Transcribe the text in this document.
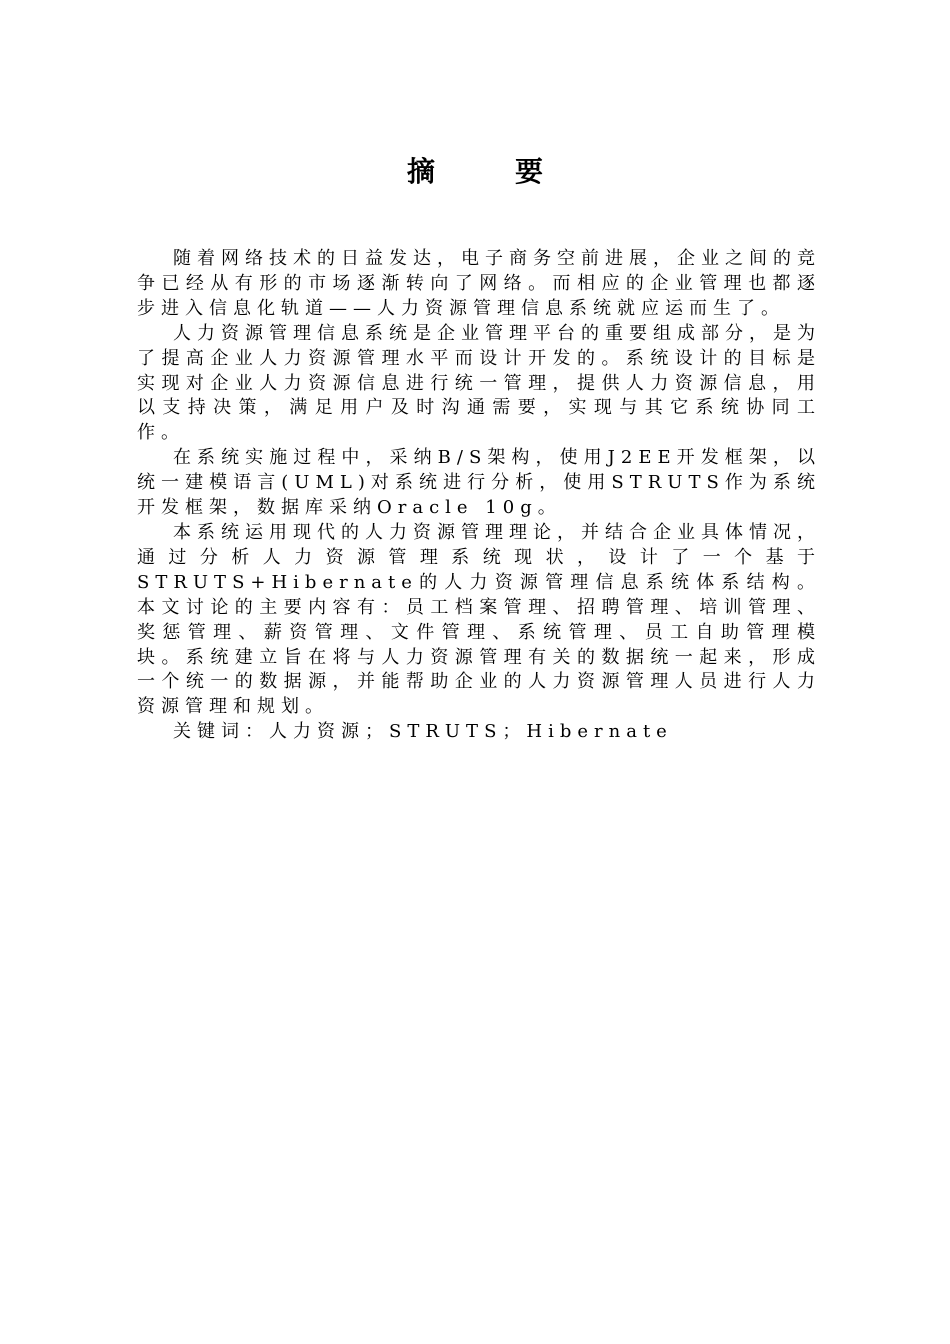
摘　要

随着网络技术的日益发达，电子商务空前进展，企业之间的竞争已经从有形的市场逐渐转向了网络。而相应的企业管理也都逐步进入信息化轨道——人力资源管理信息系统就应运而生了。

人力资源管理信息系统是企业管理平台的重要组成部分，是为了提高企业人力资源管理水平而设计开发的。系统设计的目标是实现对企业人力资源信息进行统一管理，提供人力资源信息，用以支持决策，满足用户及时沟通需要，实现与其它系统协同工作。

在系统实施过程中，采纳B/S架构，使用J2EE开发框架，以统一建模语言(UML)对系统进行分析，使用STRUTS作为系统开发框架，数据库采纳Oracle 10g。

本系统运用现代的人力资源管理理论，并结合企业具体情况，通过分析人力资源管理系统现状，设计了一个基于STRUTS+Hibernate的人力资源管理信息系统体系结构。本文讨论的主要内容有：员工档案管理、招聘管理、培训管理、奖惩管理、薪资管理、文件管理、系统管理、员工自助管理模块。系统建立旨在将与人力资源管理有关的数据统一起来，形成一个统一的数据源，并能帮助企业的人力资源管理人员进行人力资源管理和规划。

关键词：人力资源；STRUTS；Hibernate
